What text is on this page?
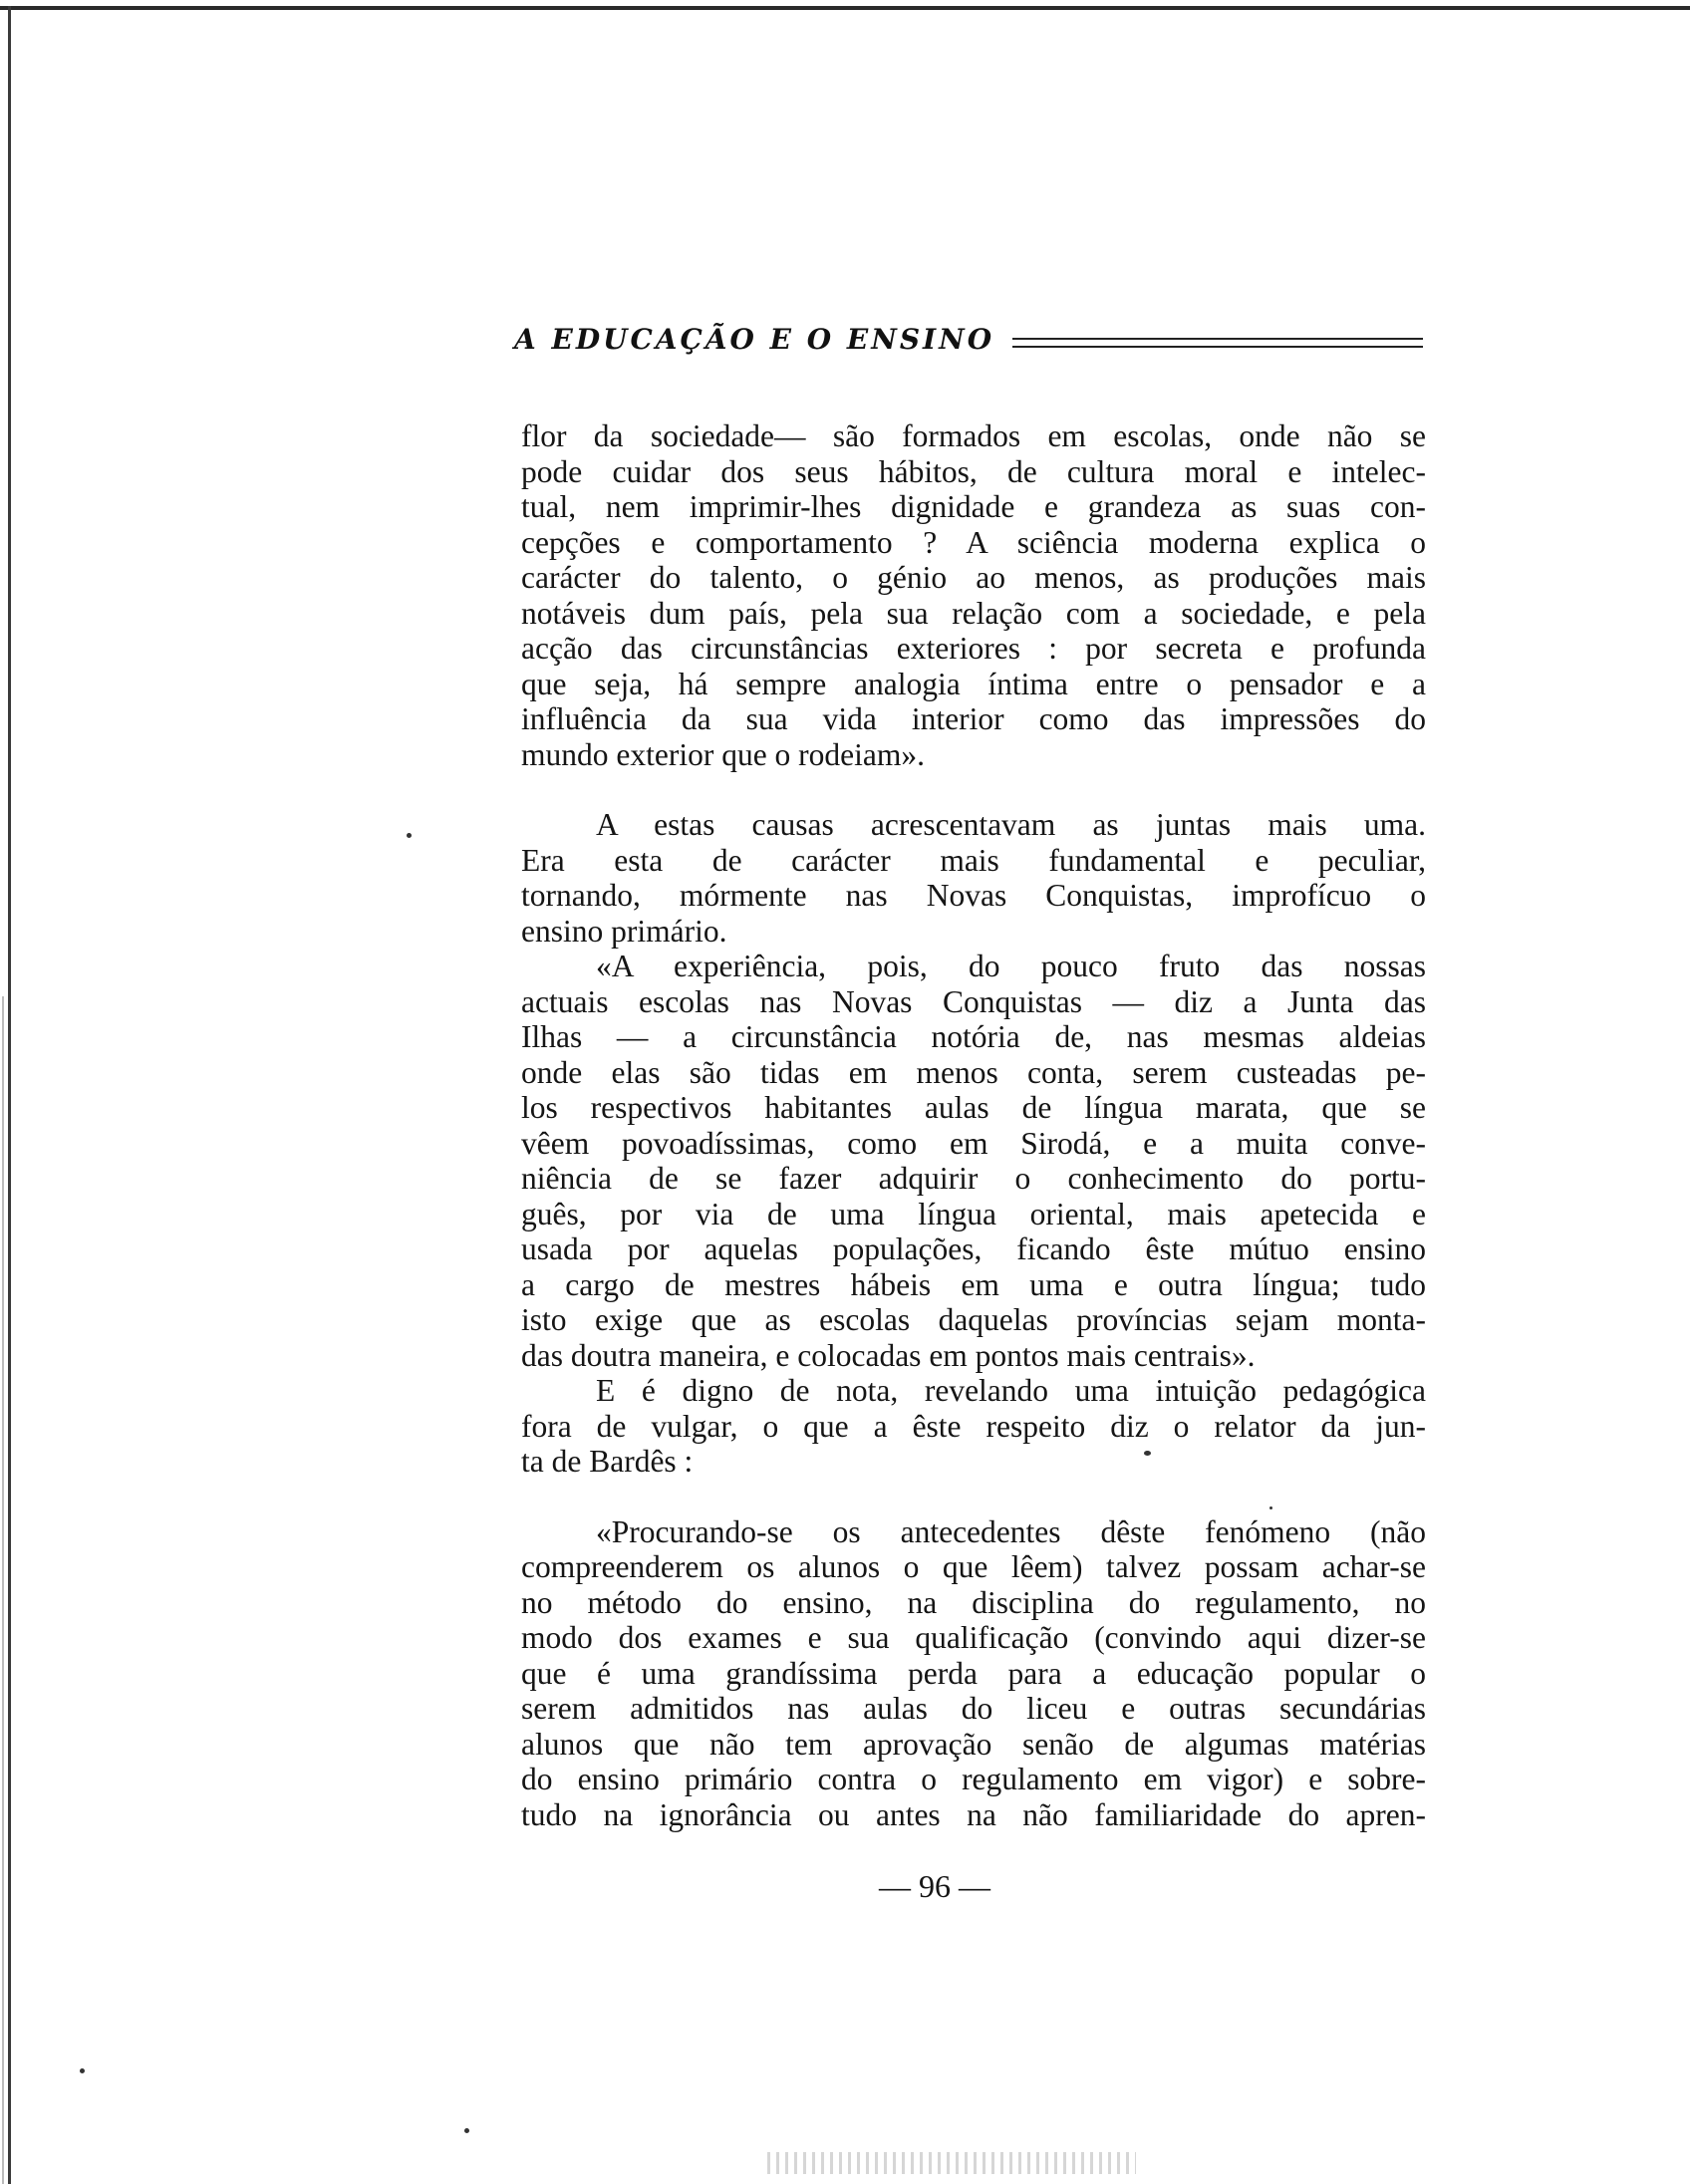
A EDUCAÇÃO E O ENSINO
flor da sociedade— são formados em escolas, onde não se
pode cuidar dos seus hábitos, de cultura moral e intelec-
tual, nem imprimir-lhes dignidade e grandeza as suas con-
cepções e comportamento ? A sciência moderna explica o
carácter do talento, o génio ao menos, as produções mais
notáveis dum país, pela sua relação com a sociedade, e pela
acção das circunstâncias exteriores : por secreta e profunda
que seja, há sempre analogia íntima entre o pensador e a
influência da sua vida interior como das impressões do
mundo exterior que o rodeiam».
A estas causas acrescentavam as juntas mais uma.
Era esta de carácter mais fundamental e peculiar,
tornando, mórmente nas Novas Conquistas, improfícuo o
ensino primário.
«A experiência, pois, do pouco fruto das nossas
actuais escolas nas Novas Conquistas — diz a Junta das
Ilhas — a circunstância notória de, nas mesmas aldeias
onde elas são tidas em menos conta, serem custeadas pe-
los respectivos habitantes aulas de língua marata, que se
vêem povoadíssimas, como em Sirodá, e a muita conve-
niência de se fazer adquirir o conhecimento do portu-
guês, por via de uma língua oriental, mais apetecida e
usada por aquelas populações, ficando êste mútuo ensino
a cargo de mestres hábeis em uma e outra língua; tudo
isto exige que as escolas daquelas províncias sejam monta-
das doutra maneira, e colocadas em pontos mais centrais».
E é digno de nota, revelando uma intuição pedagógica
fora de vulgar, o que a êste respeito diz o relator da jun-
ta de Bardês :
«Procurando-se os antecedentes dêste fenómeno (não
compreenderem os alunos o que lêem) talvez possam achar-se
no método do ensino, na disciplina do regulamento, no
modo dos exames e sua qualificação (convindo aqui dizer-se
que é uma grandíssima perda para a educação popular o
serem admitidos nas aulas do liceu e outras secundárias
alunos que não tem aprovação senão de algumas matérias
do ensino primário contra o regulamento em vigor) e sobre-
tudo na ignorância ou antes na não familiaridade do apren-
— 96 —
